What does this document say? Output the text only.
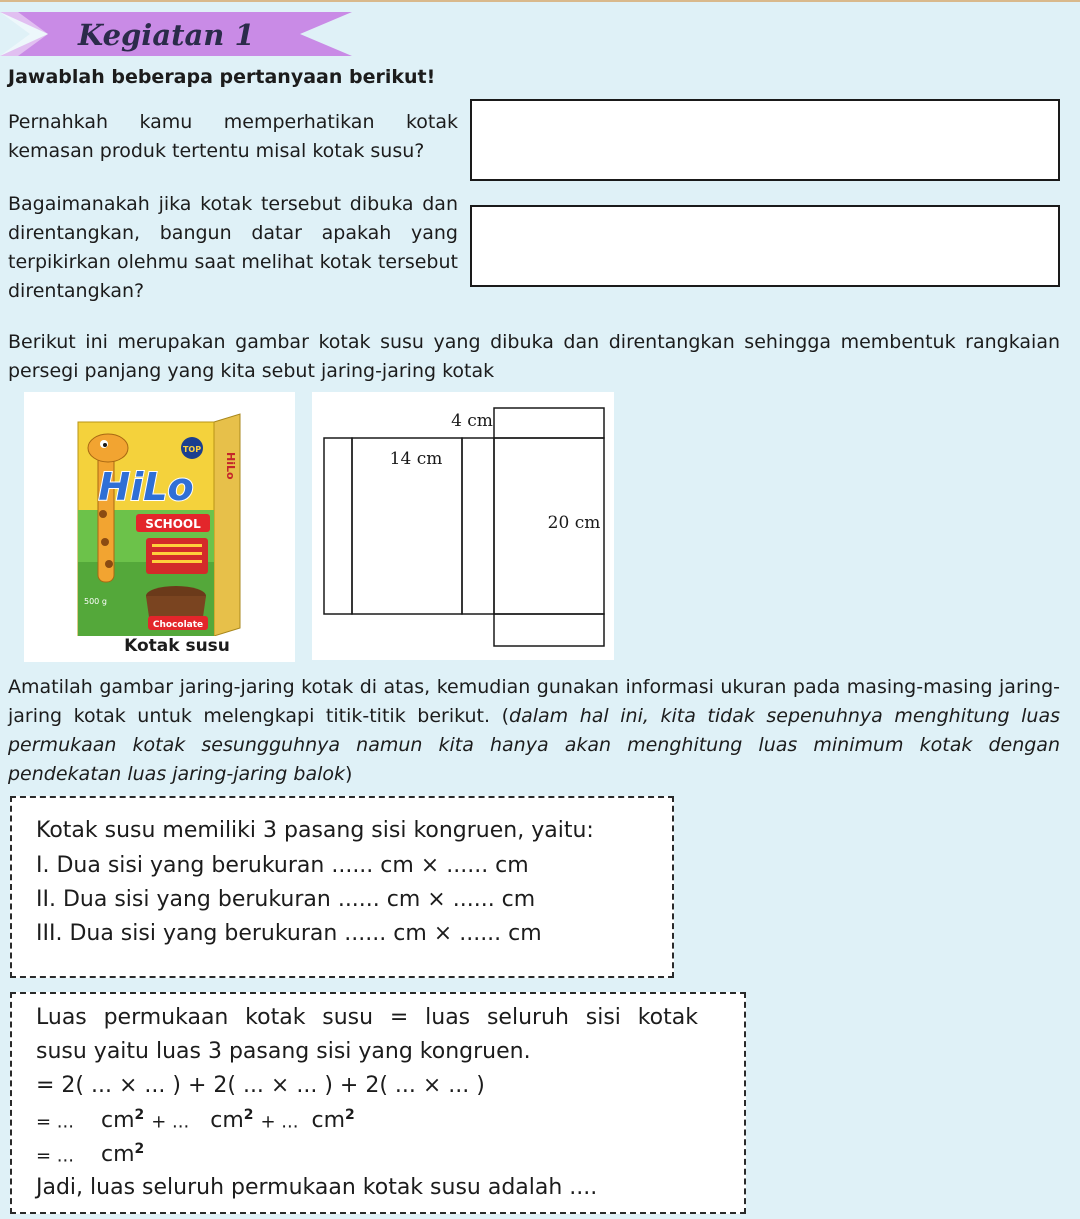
Kegiatan 1
Jawablah beberapa pertanyaan berikut!
Pernahkah kamu memperhatikan kotak kemasan produk tertentu misal kotak susu?
Bagaimanakah jika kotak tersebut dibuka dan direntangkan, bangun datar apakah yang terpikirkan olehmu saat melihat kotak tersebut direntangkan?
Berikut ini merupakan gambar kotak susu yang dibuka dan direntangkan sehingga membentuk rangkaian persegi panjang yang kita sebut jaring-jaring kotak
HiLo
TOP
HiLo
SCHOOL
500 g
Chocolate
Kotak susu
4 cm
14 cm
20 cm
Amatilah gambar jaring-jaring kotak di atas, kemudian gunakan informasi ukuran pada masing-masing jaring-jaring kotak untuk melengkapi titik-titik berikut. (dalam hal ini, kita tidak sepenuhnya menghitung luas permukaan kotak sesungguhnya namun kita hanya akan menghitung luas minimum kotak dengan pendekatan luas jaring-jaring balok)
Kotak susu memiliki 3 pasang sisi kongruen, yaitu:
I. Dua sisi yang berukuran ...... cm × ...... cm
II. Dua sisi yang berukuran ...... cm × ...... cm
III. Dua sisi yang berukuran ...... cm × ...... cm
Luas permukaan kotak susu = luas seluruh sisi kotak
susu yaitu luas 3 pasang sisi yang kongruen.
= 2( ... × ... ) + 2( ... × ... ) + 2( ... × ... )
= ... $cm^2$ + ... $cm^2$ + ... $cm^2$
= ... $cm^2$
Jadi, luas seluruh permukaan kotak susu adalah ....
